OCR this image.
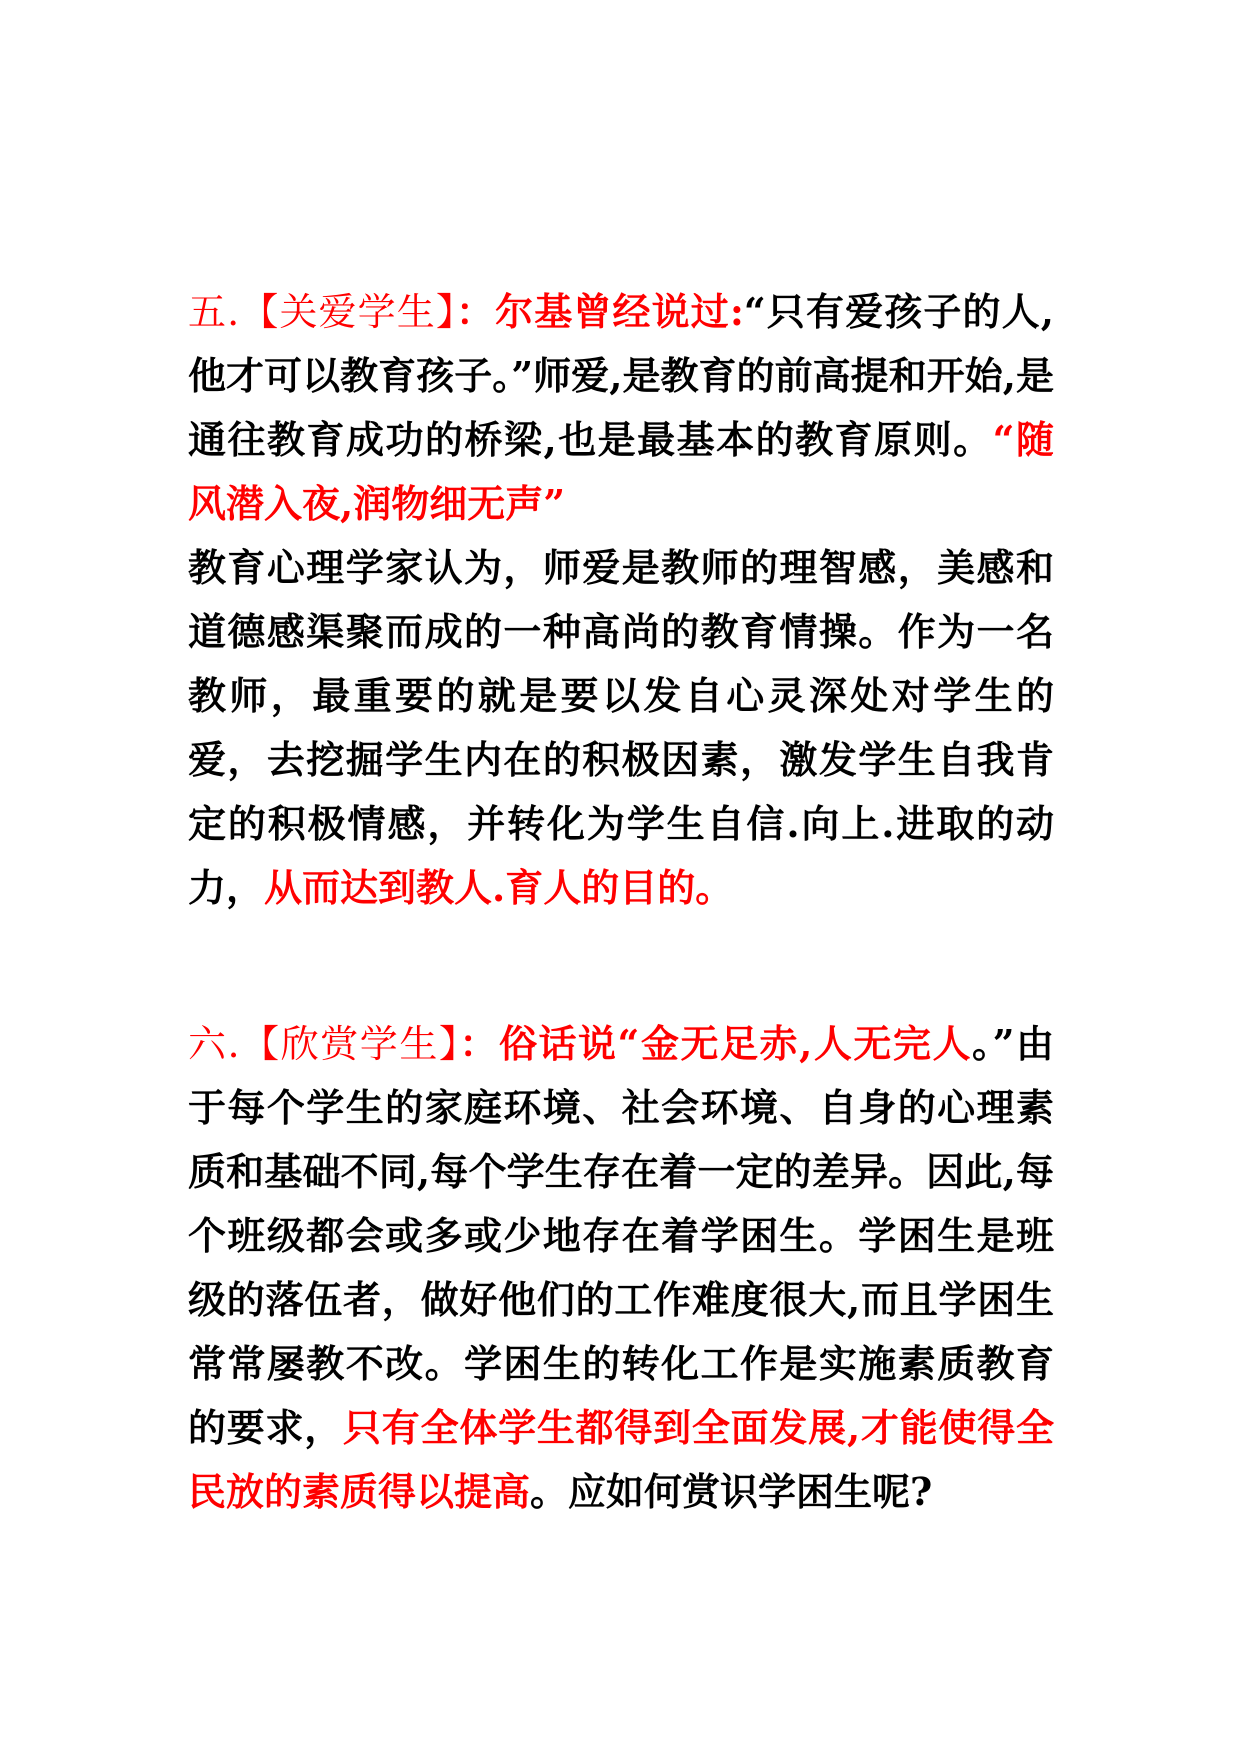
五.【关爱学生】：尔基曾经说过:“只有爱孩子的人,他才可以教育孩子。”师爱,是教育的前高提和开始,是通往教育成功的桥梁,也是最基本的教育原则。“随风潜入夜,润物细无声”

教育心理学家认为，师爱是教师的理智感，美感和道德感渠聚而成的一种高尚的教育情操。作为一名教师，最重要的就是要以发自心灵深处对学生的爱，去挖掘学生内在的积极因素，激发学生自我肯定的积极情感，并转化为学生自信.向上.进取的动力，从而达到教人.育人的目的。

六.【欣赏学生】：俗话说“金无足赤,人无完人。”由于每个学生的家庭环境、社会环境、自身的心理素质和基础不同,每个学生存在着一定的差异。因此,每个班级都会或多或少地存在着学困生。学困生是班级的落伍者，做好他们的工作难度很大,而且学困生常常屡教不改。学困生的转化工作是实施素质教育的要求，只有全体学生都得到全面发展,才能使得全民放的素质得以提高。应如何赏识学困生呢?
